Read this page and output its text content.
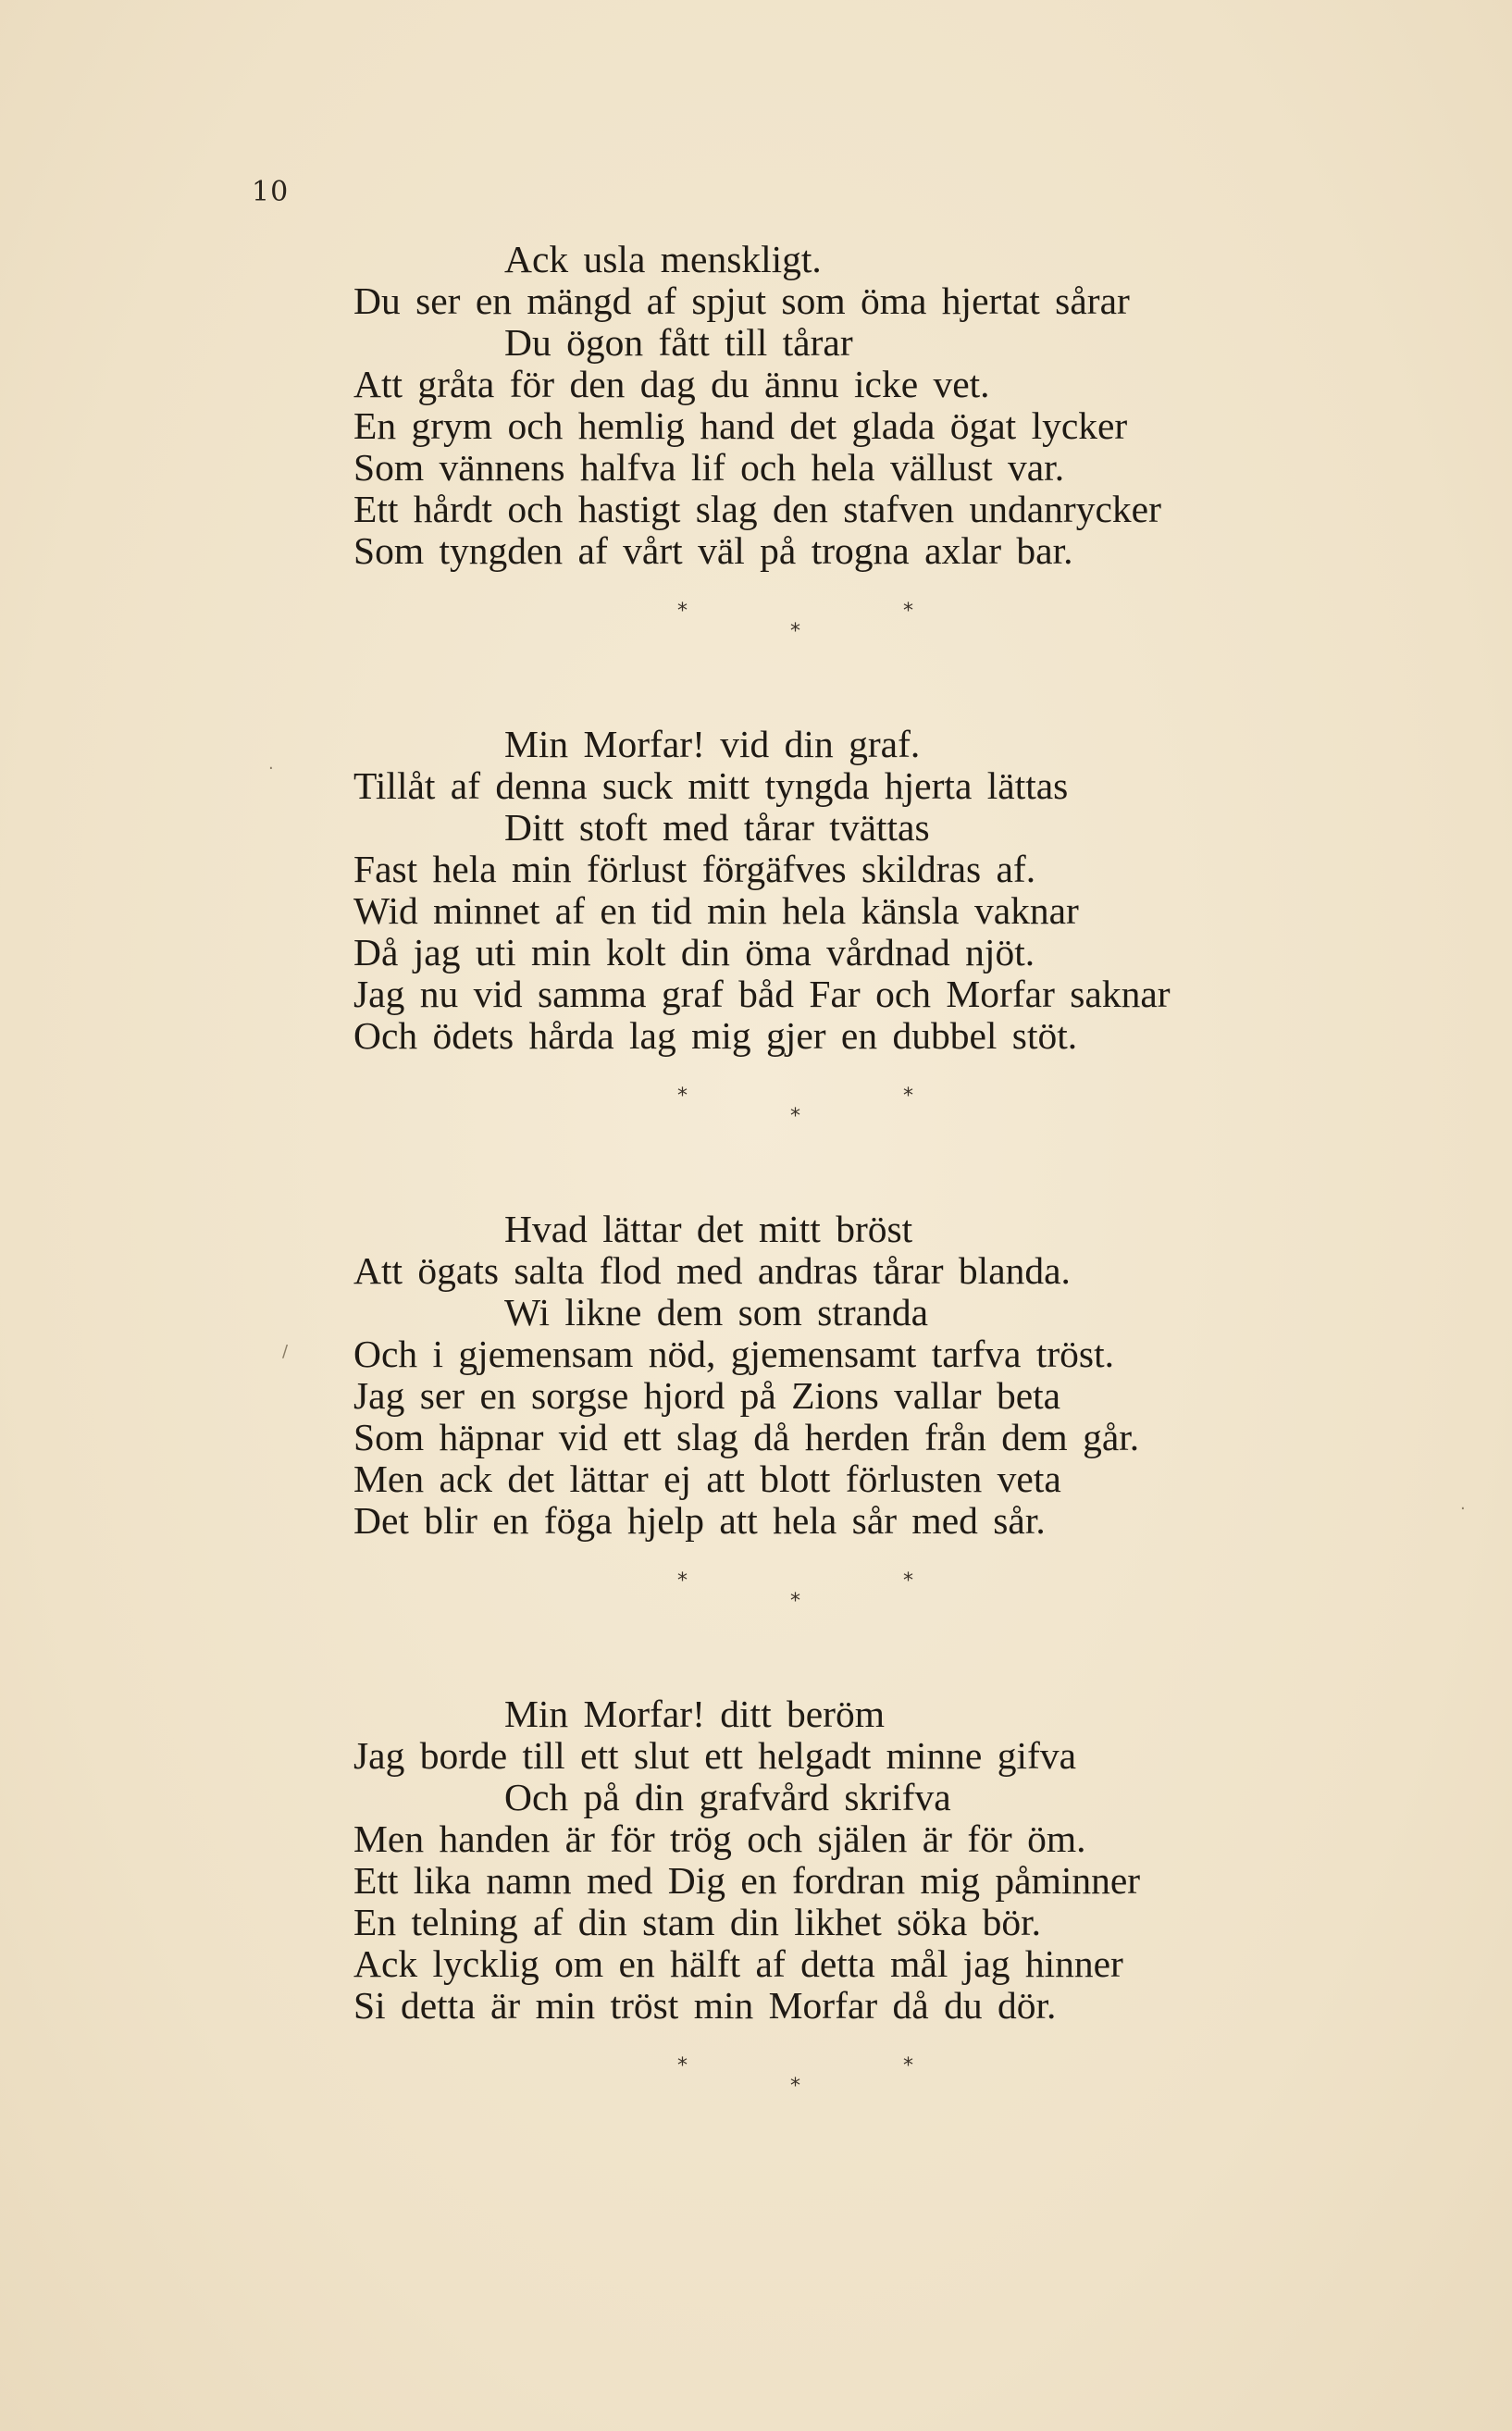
10
Ack usla menskligt.
Du ser en mängd af spjut som öma hjertat sårar
Du ögon fått till tårar
Att gråta för den dag du ännu icke vet.
En grym och hemlig hand det glada ögat lycker
Som vännens halfva lif och hela vällust var.
Ett hårdt och hastigt slag den stafven undanrycker
Som tyngden af vårt väl på trogna axlar bar.
*
*
*
Min Morfar! vid din graf.
Tillåt af denna suck mitt tyngda hjerta lättas
Ditt stoft med tårar tvättas
Fast hela min förlust förgäfves skildras af.
Wid minnet af en tid min hela känsla vaknar
Då jag uti min kolt din öma vårdnad njöt.
Jag nu vid samma graf båd Far och Morfar saknar
Och ödets hårda lag mig gjer en dubbel stöt.
*
*
*
Hvad lättar det mitt bröst
Att ögats salta flod med andras tårar blanda.
Wi likne dem som stranda
Och i gjemensam nöd, gjemensamt tarfva tröst.
Jag ser en sorgse hjord på Zions vallar beta
Som häpnar vid ett slag då herden från dem går.
Men ack det lättar ej att blott förlusten veta
Det blir en föga hjelp att hela sår med sår.
*
*
*
Min Morfar! ditt beröm
Jag borde till ett slut ett helgadt minne gifva
Och på din grafvård skrifva
Men handen är för trög och själen är för öm.
Ett lika namn med Dig en fordran mig påminner
En telning af din stam din likhet söka bör.
Ack lycklig om en hälft af detta mål jag hinner
Si detta är min tröst min Morfar då du dör.
*
*
*
·
/
·
